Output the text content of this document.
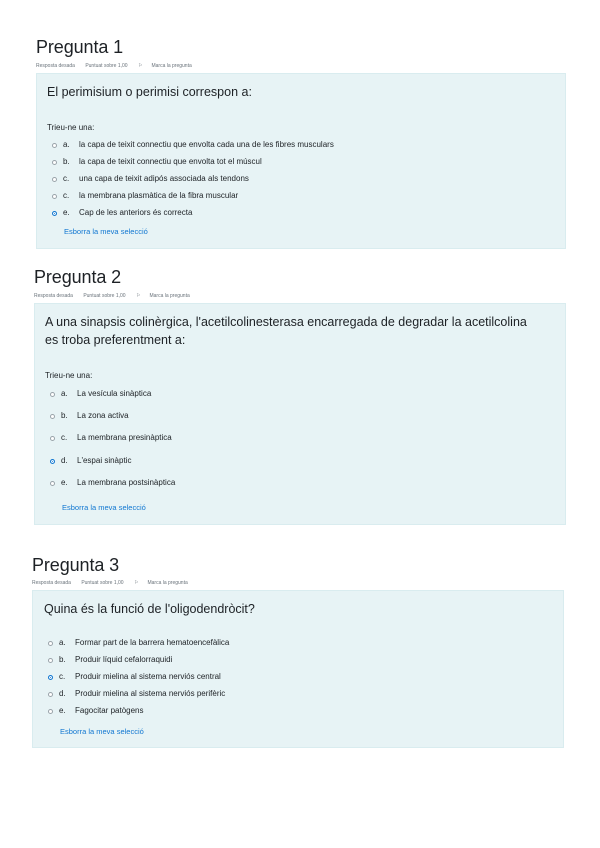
Pregunta 1
Resposta desada Puntuat sobre 1,00 ⚐ Marca la pregunta
El perimisium o perimisi correspon a:
Trieu-ne una:
a.	la capa de teixit connectiu que envolta cada una de les fibres musculars
b.	la capa de teixit connectiu que envolta tot el múscul
c.	una capa de teixit adipós associada als tendons
c.	la membrana plasmàtica de la fibra muscular
e.	Cap de les anteriors és correcta
Esborra la meva selecció
Pregunta 2
Resposta desada Puntuat sobre 1,00 ⚐ Marca la pregunta
A una sinapsis colinèrgica, l'acetilcolinesterasa encarregada de degradar la acetilcolina
es troba preferentment a:
Trieu-ne una:
a.	La vesícula sinàptica
b.	La zona activa
c.	La membrana presinàptica
d.	L'espai sinàptic
e.	La membrana postsinàptica
Esborra la meva selecció
Pregunta 3
Resposta desada Puntuat sobre 1,00 ⚐ Marca la pregunta
Quina és la funció de l'oligodendròcit?
a.	Formar part de la barrera hematoencefàlica
b.	Produir líquid cefalorraquidi
c.	Produir mielina al sistema nerviós central
d.	Produir mielina al sistema nerviós perifèric
e.	Fagocitar patògens
Esborra la meva selecció
